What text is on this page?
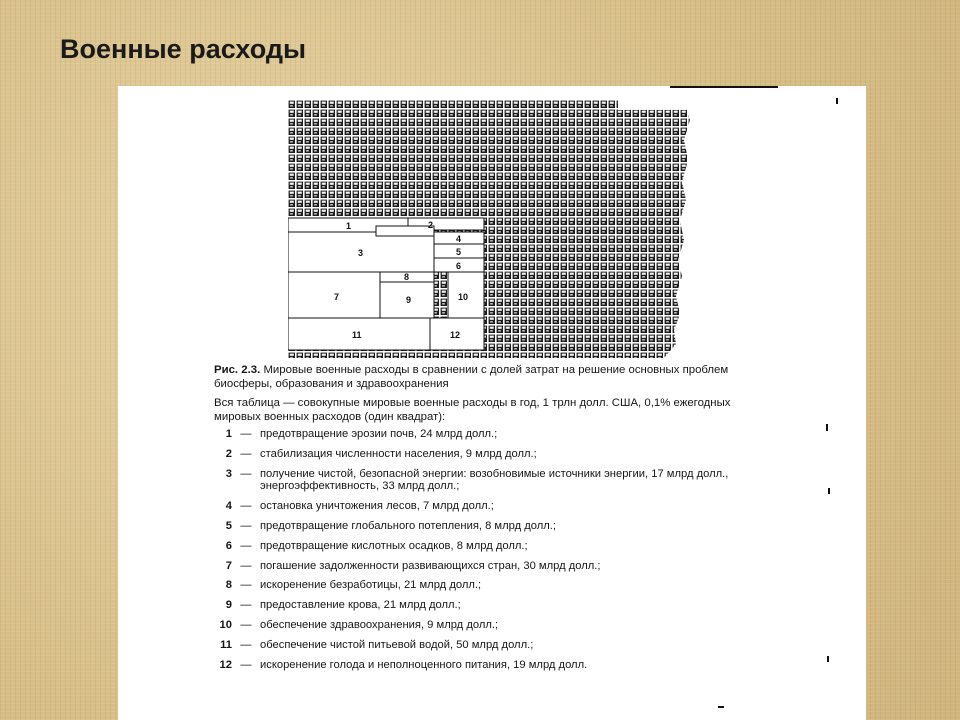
Военные расходы
1	2
3
4
5
6
7
8
9	10
11	12

Рис. 2.3. Мировые военные расходы в сравнении с долей затрат на решение основных проблем биосферы, образования и здравоохранения

Вся таблица — совокупные мировые военные расходы в год, 1 трлн долл. США, 0,1% ежегодных мировых военных расходов (один квадрат):

1 — предотвращение эрозии почв, 24 млрд долл.;
2 — стабилизация численности населения, 9 млрд долл.;
3 — получение чистой, безопасной энергии: возобновимые источники энергии, 17 млрд долл., энергоэффективность, 33 млрд долл.;
4 — остановка уничтожения лесов, 7 млрд долл.;
5 — предотвращение глобального потепления, 8 млрд долл.;
6 — предотвращение кислотных осадков, 8 млрд долл.;
7 — погашение задолженности развивающихся стран, 30 млрд долл.;
8 — искоренение безработицы, 21 млрд долл.;
9 — предоставление крова, 21 млрд долл.;
10 — обеспечение здравоохранения, 9 млрд долл.;
11 — обеспечение чистой питьевой водой, 50 млрд долл.;
12 — искоренение голода и неполноценного питания, 19 млрд долл.
